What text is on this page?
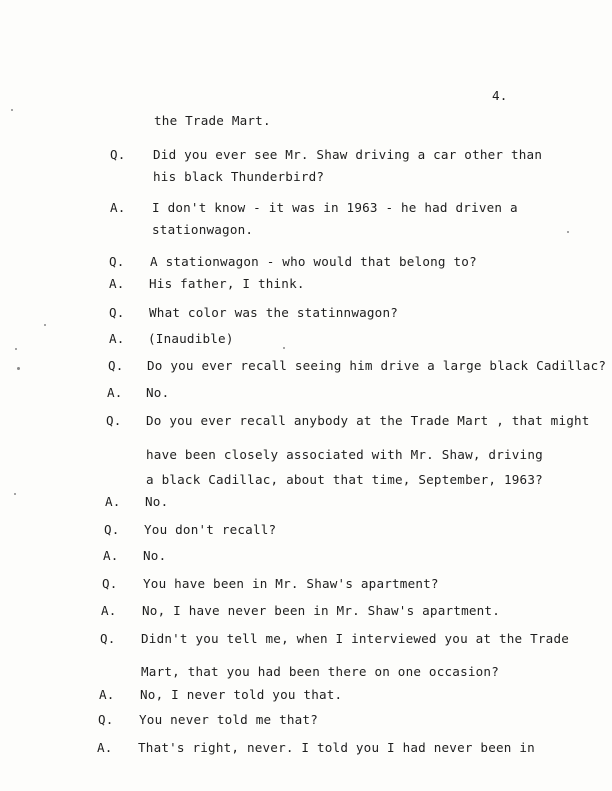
4.
the Trade Mart.
Q. Did you ever see Mr. Shaw driving a car other than
his black Thunderbird?
A. I don't know - it was in 1963 - he had driven a
stationwagon.
Q. A stationwagon - who would that belong to?
A. His father, I think.
Q. What color was the statinnwagon?
A. (Inaudible)
Q. Do you ever recall seeing him drive a large black Cadillac?
A. No.
Q. Do you ever recall anybody at the Trade Mart , that might
have been closely associated with Mr. Shaw, driving
a black Cadillac, about that time, September, 1963?
A. No.
Q. You don't recall?
A. No.
Q. You have been in Mr. Shaw's apartment?
A. No, I have never been in Mr. Shaw's apartment.
Q. Didn't you tell me, when I interviewed you at the Trade
Mart, that you had been there on one occasion?
A. No, I never told you that.
Q. You never told me that?
A. That's right, never. I told you I had never been in
